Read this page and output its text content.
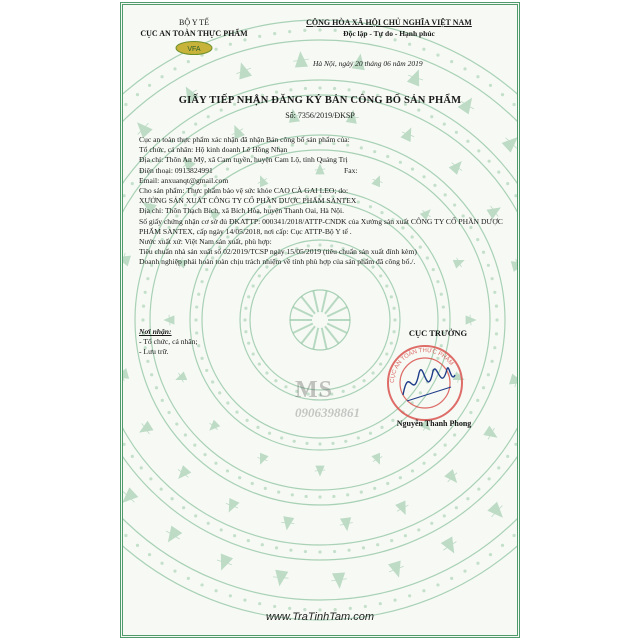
BỘ Y TẾ
CỤC AN TOÀN THỰC PHẨM
VFA
CỘNG HÒA XÃ HỘI CHỦ NGHĨA VIỆT NAM
Độc lập - Tự do - Hạnh phúc
Hà Nội, ngày 20 tháng 06 năm 2019
GIẤY TIẾP NHẬN ĐĂNG KÝ BẢN CÔNG BỐ SẢN PHẨM
Số: 7356/2019/ĐKSP

Cục an toàn thực phẩm xác nhận đã nhận Bản công bố sản phẩm của:

Tổ chức, cá nhân: Hộ kinh doanh Lê Hồng Nhạn

Địa chỉ: Thôn An Mỹ, xã Cam tuyền, huyện Cam Lộ, tỉnh Quảng Trị

Điện thoại: 0913824991	Fax:

Email: anxuanqt@gmail.com

Cho sản phẩm: Thực phẩm bảo vệ sức khỏe CAO CÀ GAI LEO; do:

XƯỞNG SẢN XUẤT CÔNG TY CỔ PHẦN DƯỢC PHẨM SANTEX

Địa chỉ: Thôn Thạch Bích, xã Bích Hòa, huyện Thanh Oai, Hà Nội.

Số giấy chứng nhận cơ sở đủ ĐKATTP: 000341/2018/ATTP-CNDK của Xưởng sản xuất CÔNG TY CỔ PHẦN DƯỢC PHẨM SANTEX, cấp ngày 14/05/2018, nơi cấp: Cục ATTP-Bộ Y tế .

Nước xuất xứ: Việt Nam sản xuất, phù hợp:

Tiêu chuẩn nhà sản xuất số 02/2019/TCSP ngày 15/05/2019 (tiêu chuẩn sản xuất đính kèm)

Doanh nghiệp phải hoàn toàn chịu trách nhiệm về tính phù hợp của sản phẩm đã công bố./.

Nơi nhận:
- Tổ chức, cá nhân;
- Lưu trữ.
CỤC TRƯỞNG
CỤC AN TOÀN THỰC PHẨM
MS
0906398861
Nguyễn Thanh Phong
www.TraTinhTam.com
